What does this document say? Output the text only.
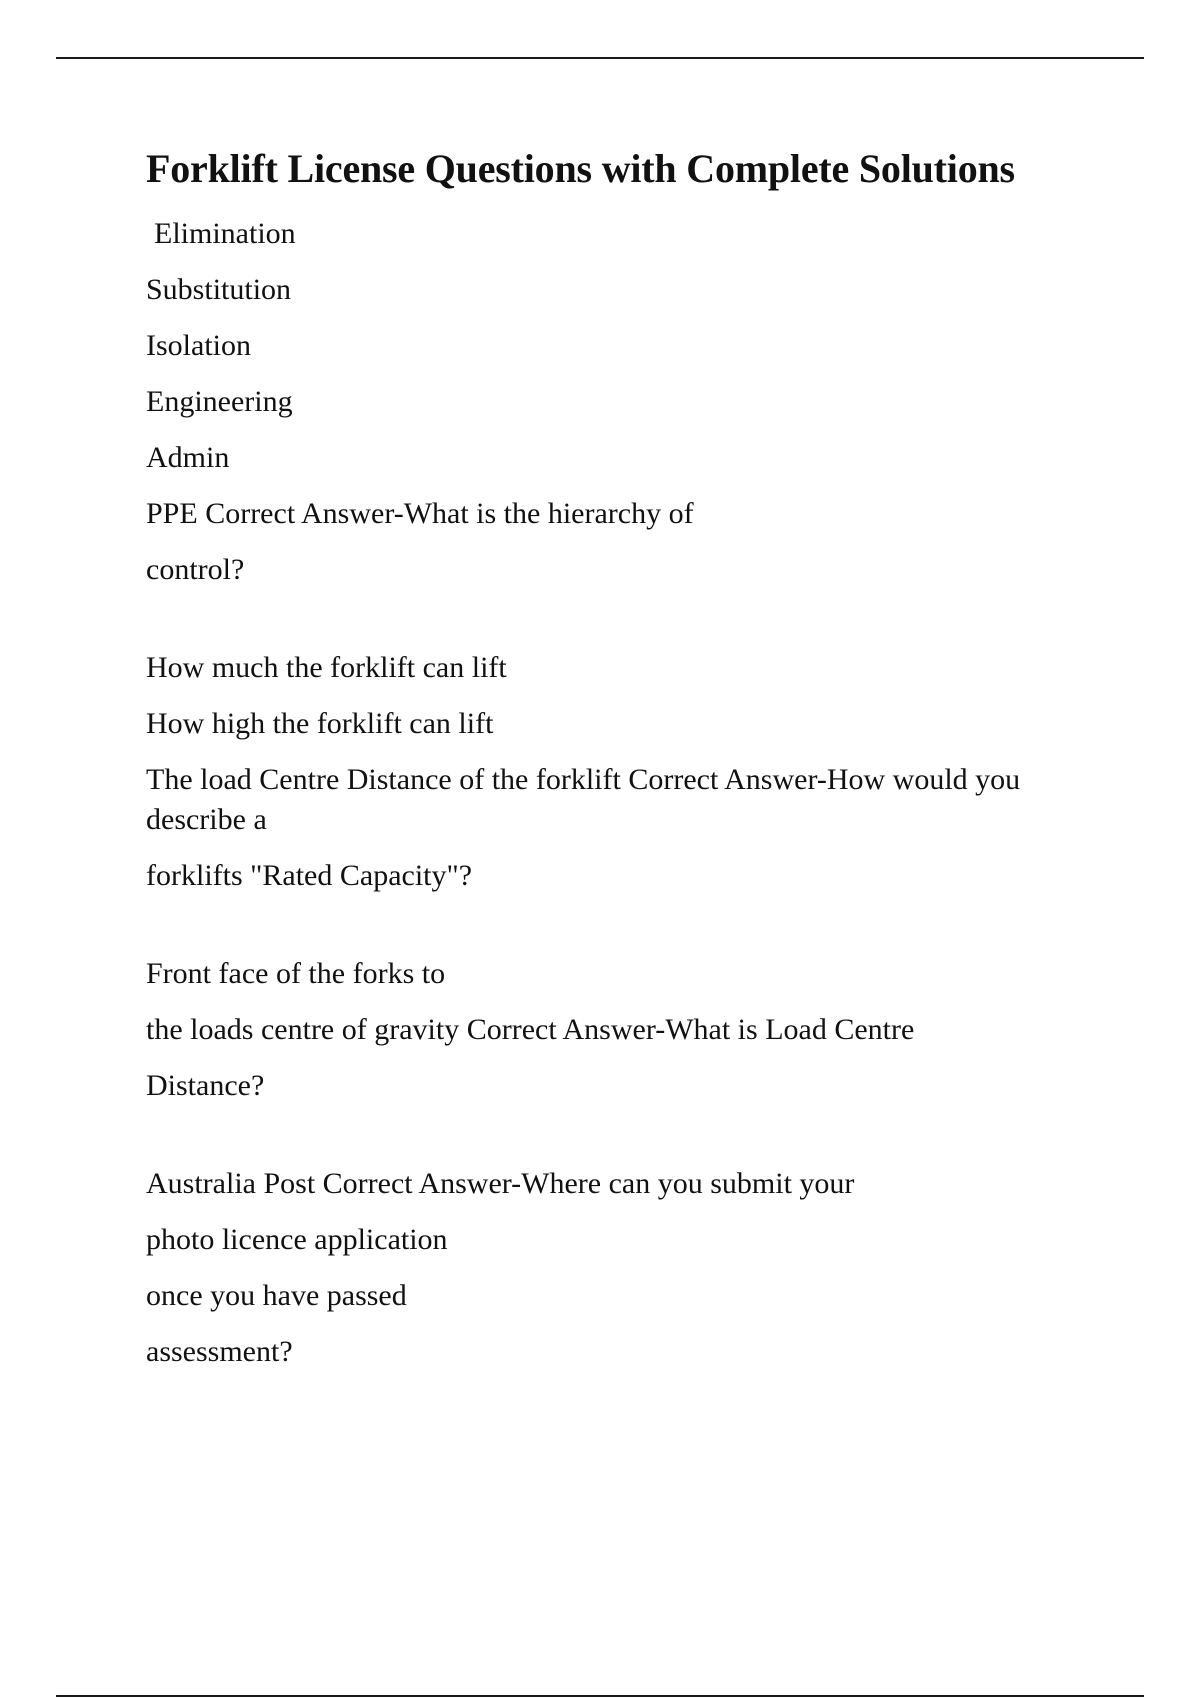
Forklift License Questions with Complete Solutions
Elimination
Substitution
Isolation
Engineering
Admin
PPE Correct Answer-What is the hierarchy of
control?
How much the forklift can lift
How high the forklift can lift
The load Centre Distance of the forklift Correct Answer-How would you describe a
forklifts "Rated Capacity"?
Front face of the forks to
the loads centre of gravity Correct Answer-What is Load Centre
Distance?
Australia Post Correct Answer-Where can you submit your
photo licence application
once you have passed
assessment?
